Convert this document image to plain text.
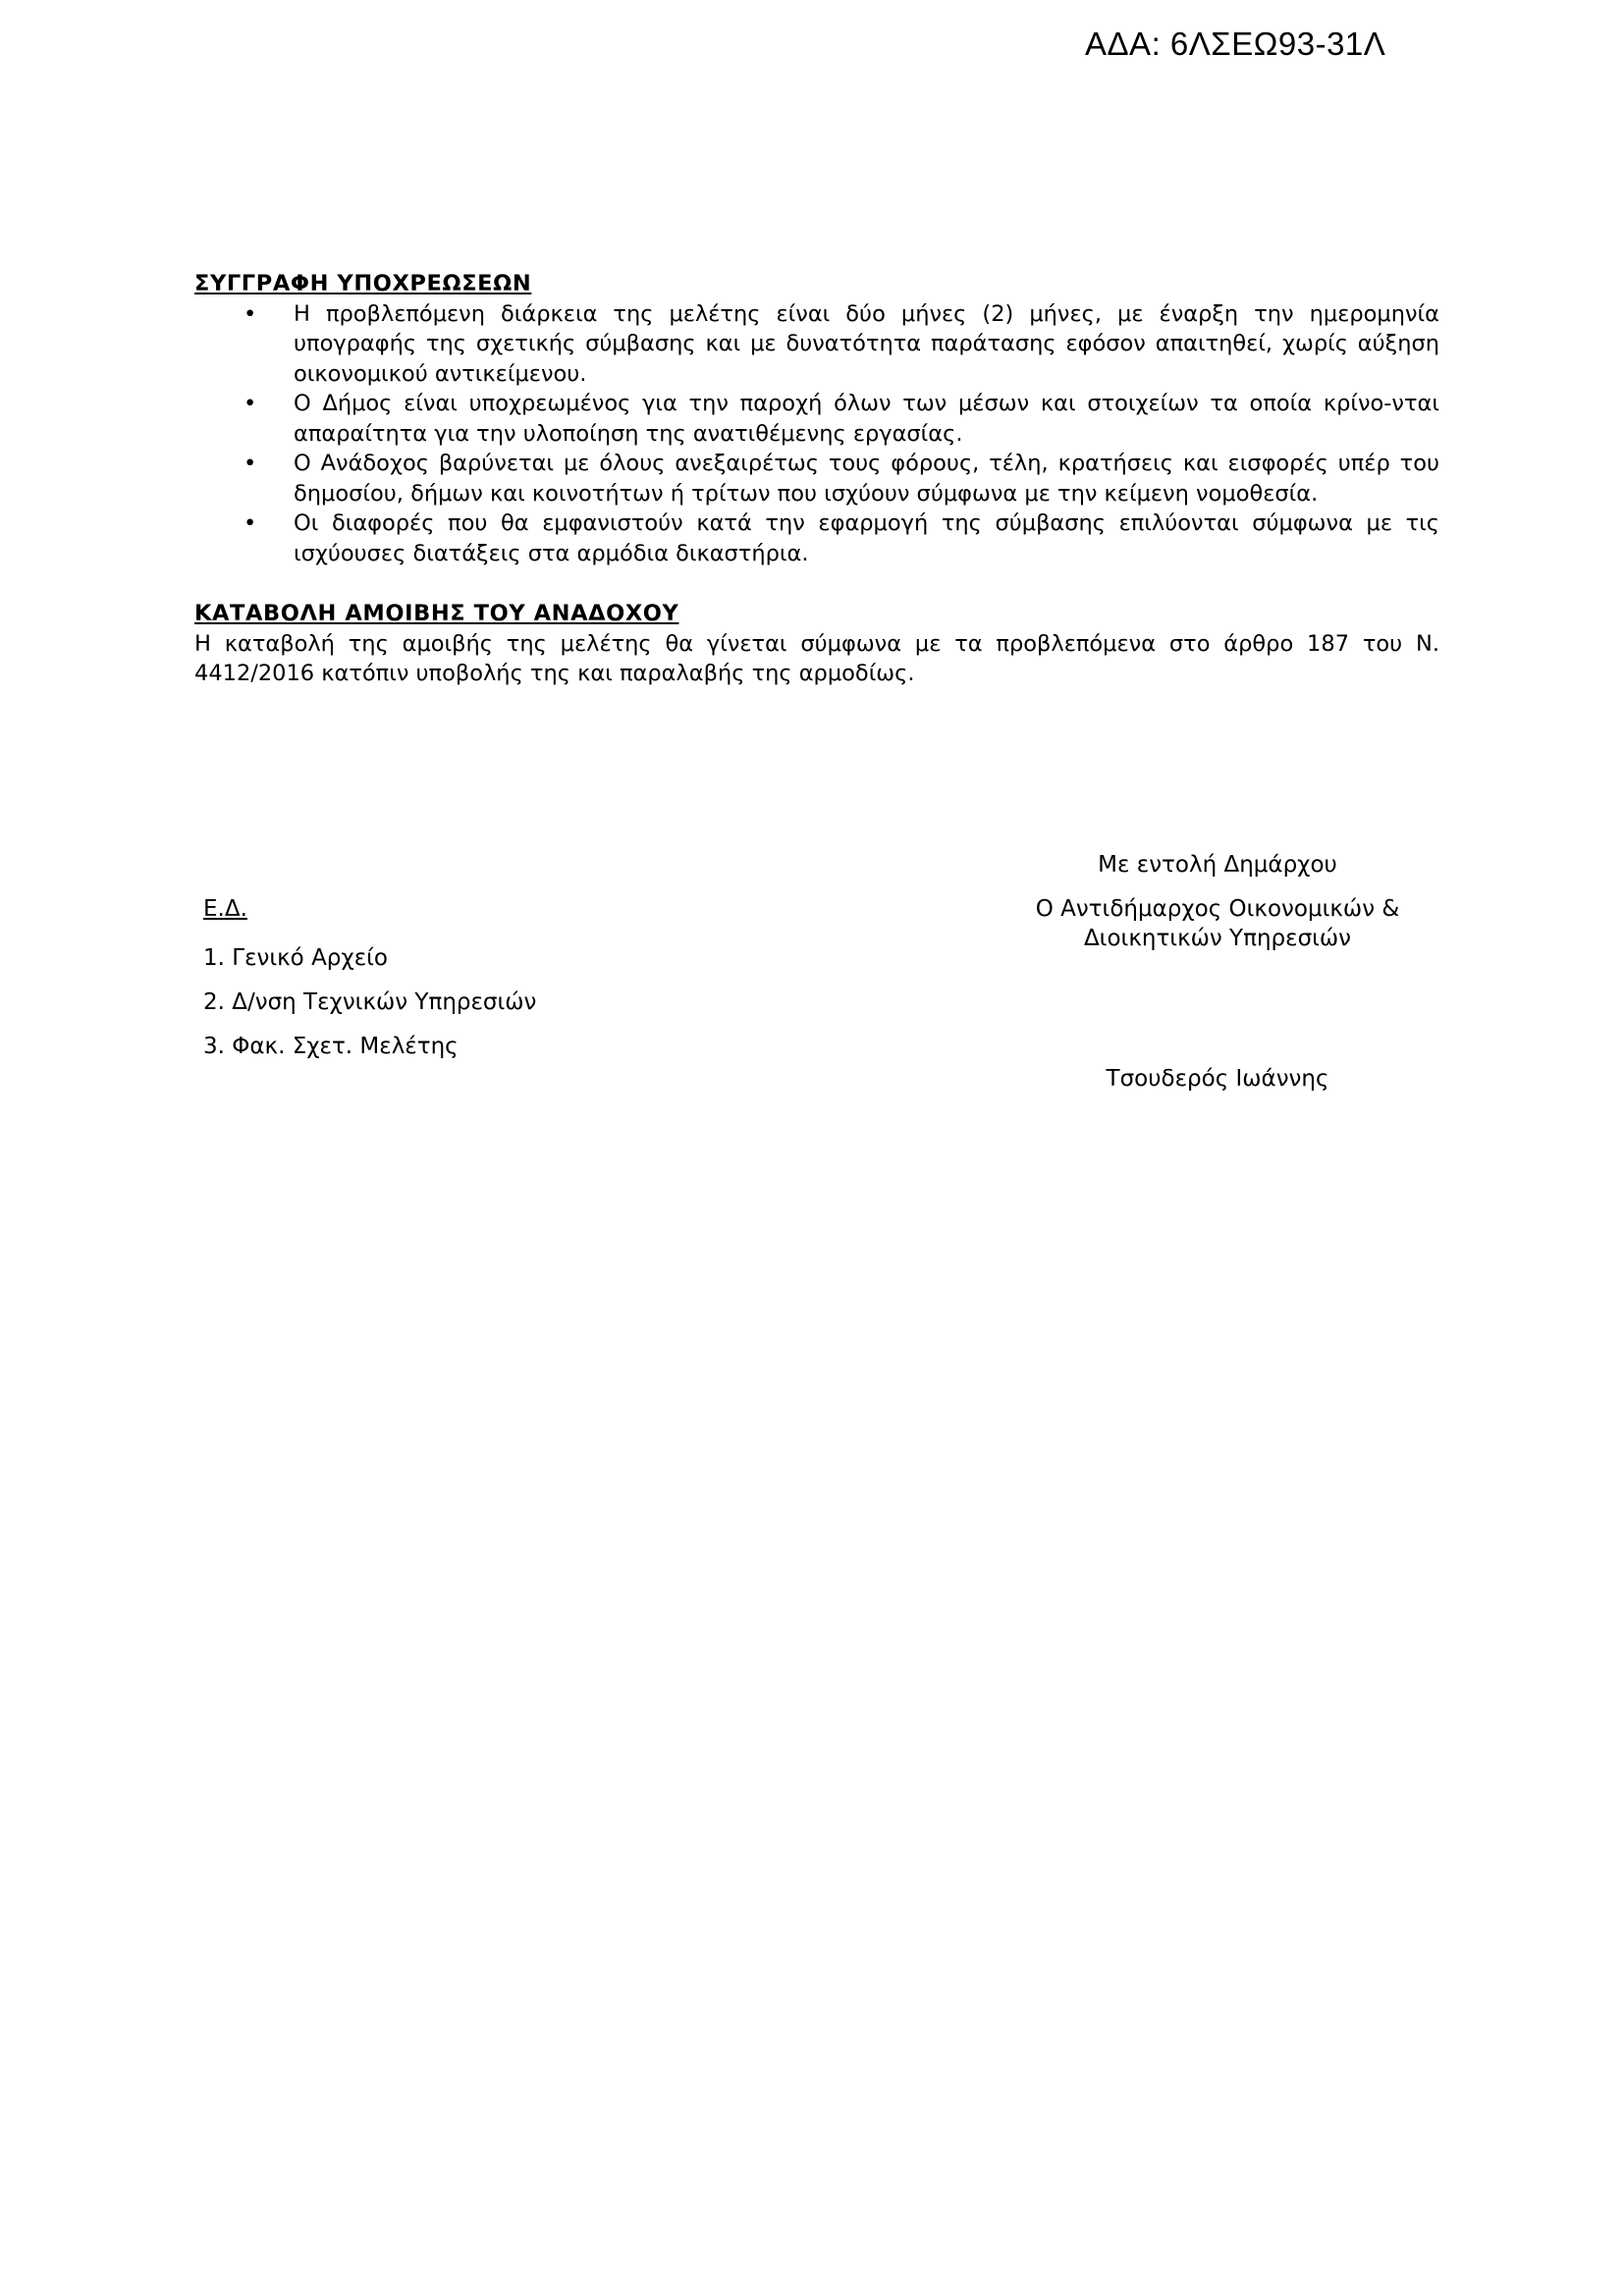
ΑΔΑ: 6ΛΣΕΩ93-31Λ

ΣΥΓΓΡΑΦΗ ΥΠΟΧΡΕΩΣΕΩΝ

• Η προβλεπόμενη διάρκεια της μελέτης είναι δύο μήνες (2) μήνες, με έναρξη την ημερομηνία υπογραφής της σχετικής σύμβασης και με δυνατότητα παράτασης εφόσον απαιτηθεί, χωρίς αύξηση οικονομικού αντικείμενου.
• Ο Δήμος είναι υποχρεωμένος για την παροχή όλων των μέσων και στοιχείων τα οποία κρίνο-νται απαραίτητα για την υλοποίηση της ανατιθέμενης εργασίας.
• Ο Ανάδοχος βαρύνεται με όλους ανεξαιρέτως τους φόρους, τέλη, κρατήσεις και εισφορές υπέρ του δημοσίου, δήμων και κοινοτήτων ή τρίτων που ισχύουν σύμφωνα με την κείμενη νομοθεσία.
• Οι διαφορές που θα εμφανιστούν κατά την εφαρμογή της σύμβασης επιλύονται σύμφωνα με τις ισχύουσες διατάξεις στα αρμόδια δικαστήρια.

ΚΑΤΑΒΟΛΗ ΑΜΟΙΒΗΣ ΤΟΥ ΑΝΑΔΟΧΟΥ

Η καταβολή της αμοιβής της μελέτης θα γίνεται σύμφωνα με τα προβλεπόμενα στο άρθρο 187 του Ν. 4412/2016 κατόπιν υποβολής της και παραλαβής της αρμοδίως.

Ε.Δ.

1. Γενικό Αρχείο
2. Δ/νση Τεχνικών Υπηρεσιών
3. Φακ. Σχετ. Μελέτης
Με εντολή Δημάρχου
Ο Αντιδήμαρχος Οικονομικών &
Διοικητικών Υπηρεσιών
Τσουδερός Ιωάννης
